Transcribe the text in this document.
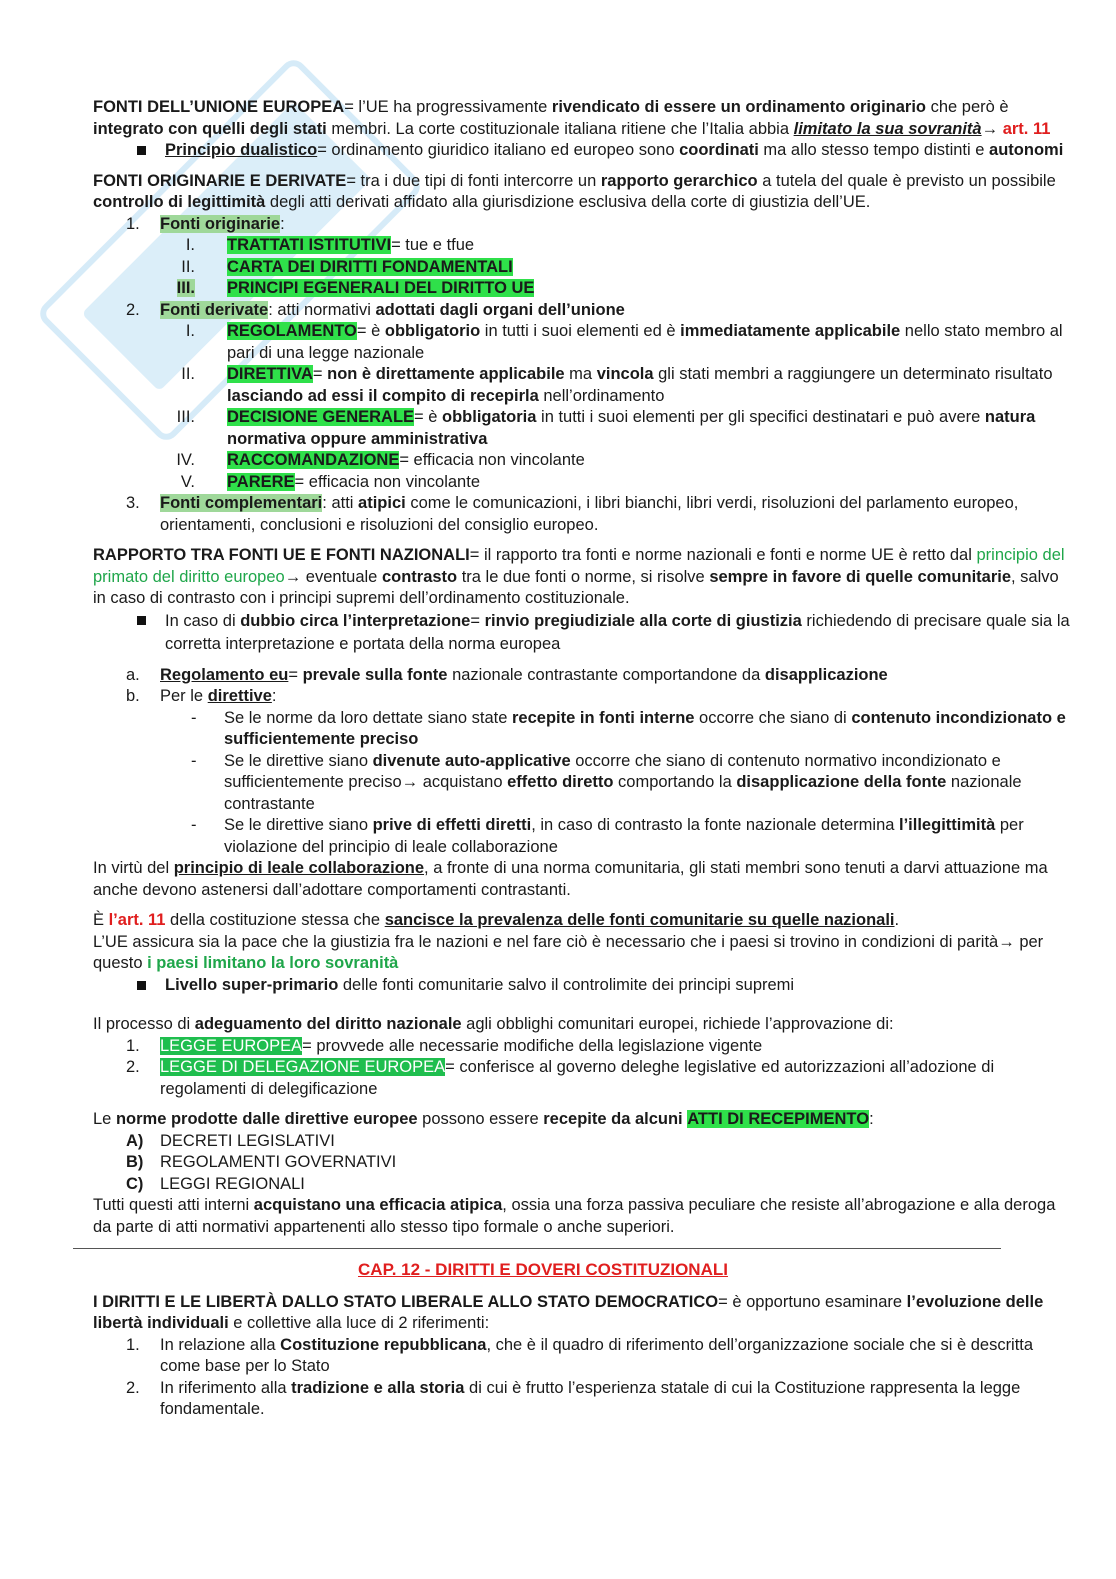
FONTI DELL’UNIONE EUROPEA= l’UE ha progressivamente rivendicato di essere un ordinamento originario che però è integrato con quelli degli stati membri. La corte costituzionale italiana ritiene che l’Italia abbia limitato la sua sovranità→ art. 11

Principio dualistico= ordinamento giuridico italiano ed europeo sono coordinati ma allo stesso tempo distinti e autonomi

FONTI ORIGINARIE E DERIVATE= tra i due tipi di fonti intercorre un rapporto gerarchico a tutela del quale è previsto un possibile controllo di legittimità degli atti derivati affidato alla giurisdizione esclusiva della corte di giustizia dell’UE.

1.	Fonti originarie:
I.	TRATTATI ISTITUTIVI= tue e tfue
II.	CARTA DEI DIRITTI FONDAMENTALI
III.	PRINCIPI EGENERALI DEL DIRITTO UE
2.	Fonti derivate: atti normativi adottati dagli organi dell’unione
I.	REGOLAMENTO= è obbligatorio in tutti i suoi elementi ed è immediatamente applicabile nello stato membro al pari di una legge nazionale
II.	DIRETTIVA= non è direttamente applicabile ma vincola gli stati membri a raggiungere un determinato risultato lasciando ad essi il compito di recepirla nell’ordinamento
III.	DECISIONE GENERALE= è obbligatoria in tutti i suoi elementi per gli specifici destinatari e può avere natura normativa oppure amministrativa
IV.	RACCOMANDAZIONE= efficacia non vincolante
V.	PARERE= efficacia non vincolante
3.	Fonti complementari: atti atipici come le comunicazioni, i libri bianchi, libri verdi, risoluzioni del parlamento europeo, orientamenti, conclusioni e risoluzioni del consiglio europeo.

RAPPORTO TRA FONTI UE E FONTI NAZIONALI= il rapporto tra fonti e norme nazionali e fonti e norme UE è retto dal principio del primato del diritto europeo→ eventuale contrasto tra le due fonti o norme, si risolve sempre in favore di quelle comunitarie, salvo in caso di contrasto con i principi supremi dell’ordinamento costituzionale.

In caso di dubbio circa l’interpretazione= rinvio pregiudiziale alla corte di giustizia richiedendo di precisare quale sia la corretta interpretazione e portata della norma europea
a.	Regolamento eu= prevale sulla fonte nazionale contrastante comportandone da disapplicazione
b.	Per le direttive:
-	Se le norme da loro dettate siano state recepite in fonti interne occorre che siano di contenuto incondizionato e sufficientemente preciso
-	Se le direttive siano divenute auto-applicative occorre che siano di contenuto normativo incondizionato e sufficientemente preciso→ acquistano effetto diretto comportando la disapplicazione della fonte nazionale contrastante
-	Se le direttive siano prive di effetti diretti, in caso di contrasto la fonte nazionale determina l’illegittimità per violazione del principio di leale collaborazione

In virtù del principio di leale collaborazione, a fronte di una norma comunitaria, gli stati membri sono tenuti a darvi attuazione ma anche devono astenersi dall’adottare comportamenti contrastanti.

È l’art. 11 della costituzione stessa che sancisce la prevalenza delle fonti comunitarie su quelle nazionali.

L’UE assicura sia la pace che la giustizia fra le nazioni e nel fare ciò è necessario che i paesi si trovino in condizioni di parità→ per questo i paesi limitano la loro sovranità

Livello super-primario delle fonti comunitarie salvo il controlimite dei principi supremi

Il processo di adeguamento del diritto nazionale agli obblighi comunitari europei, richiede l’approvazione di:

1.	LEGGE EUROPEA= provvede alle necessarie modifiche della legislazione vigente
2.	LEGGE DI DELEGAZIONE EUROPEA= conferisce al governo deleghe legislative ed autorizzazioni all’adozione di regolamenti di delegificazione

Le norme prodotte dalle direttive europee possono essere recepite da alcuni ATTI DI RECEPIMENTO:

A)	DECRETI LEGISLATIVI
B)	REGOLAMENTI GOVERNATIVI
C)	LEGGI REGIONALI

Tutti questi atti interni acquistano una efficacia atipica, ossia una forza passiva peculiare che resiste all’abrogazione e alla deroga da parte di atti normativi appartenenti allo stesso tipo formale o anche superiori.

CAP. 12 - DIRITTI E DOVERI COSTITUZIONALI

I DIRITTI E LE LIBERTÀ DALLO STATO LIBERALE ALLO STATO DEMOCRATICO= è opportuno esaminare l’evoluzione delle libertà individuali e collettive alla luce di 2 riferimenti:

1.	In relazione alla Costituzione repubblicana, che è il quadro di riferimento dell’organizzazione sociale che si è descritta come base per lo Stato
2.	In riferimento alla tradizione e alla storia di cui è frutto l’esperienza statale di cui la Costituzione rappresenta la legge fondamentale.
